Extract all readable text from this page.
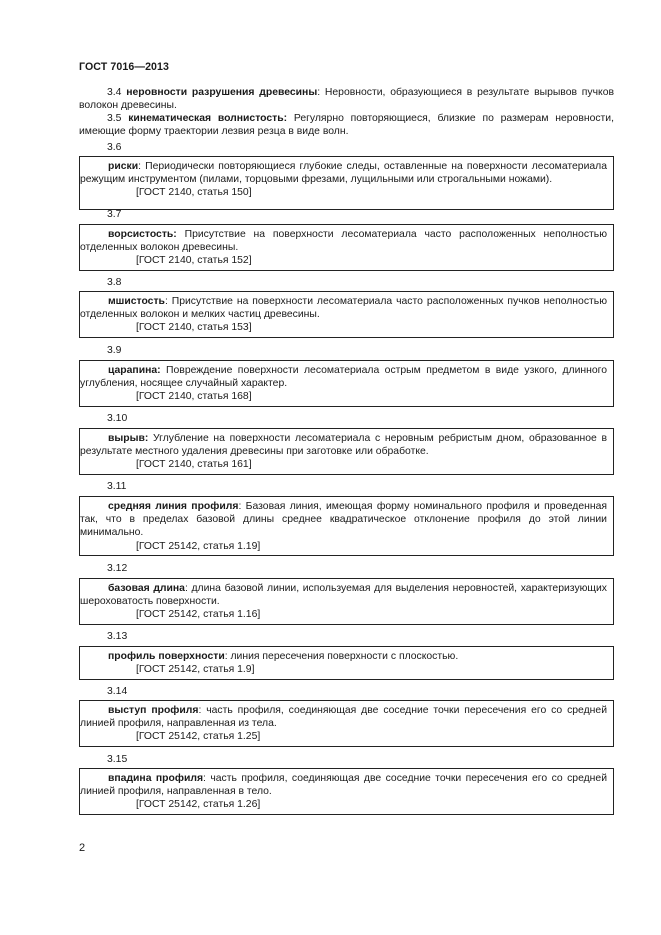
ГОСТ 7016—2013
3.4 неровности разрушения древесины: Неровности, образующиеся в результате вырывов пучков волокон древесины.
3.5 кинематическая волнистость: Регулярно повторяющиеся, близкие по размерам неровности, имеющие форму траектории лезвия резца в виде волн.
3.6

риски: Периодически повторяющиеся глубокие следы, оставленные на поверхности лесоматериала режущим инструментом (пилами, торцовыми фрезами, лущильными или строгальными ножами).

[ГОСТ 2140, статья 150]

3.7

ворсистость: Присутствие на поверхности лесоматериала часто расположенных неполностью отделенных волокон древесины.

[ГОСТ 2140, статья 152]

3.8

мшистость: Присутствие на поверхности лесоматериала часто расположенных пучков неполностью отделенных волокон и мелких частиц древесины.

[ГОСТ 2140, статья 153]

3.9

царапина: Повреждение поверхности лесоматериала острым предметом в виде узкого, длинного углубления, носящее случайный характер.

[ГОСТ 2140, статья 168]

3.10

вырыв: Углубление на поверхности лесоматериала с неровным ребристым дном, образованное в результате местного удаления древесины при заготовке или обработке.

[ГОСТ 2140, статья 161]

3.11

средняя линия профиля: Базовая линия, имеющая форму номинального профиля и проведенная так, что в пределах базовой длины среднее квадратическое отклонение профиля до этой линии минимально.

[ГОСТ 25142, статья 1.19]

3.12

базовая длина: длина базовой линии, используемая для выделения неровностей, характеризующих шероховатость поверхности.

[ГОСТ 25142, статья 1.16]

3.13

профиль поверхности: линия пересечения поверхности с плоскостью.

[ГОСТ 25142, статья 1.9]

3.14

выступ профиля: часть профиля, соединяющая две соседние точки пересечения его со средней линией профиля, направленная из тела.

[ГОСТ 25142, статья 1.25]

3.15

впадина профиля: часть профиля, соединяющая две соседние точки пересечения его со средней линией профиля, направленная в тело.

[ГОСТ 25142, статья 1.26]

2
